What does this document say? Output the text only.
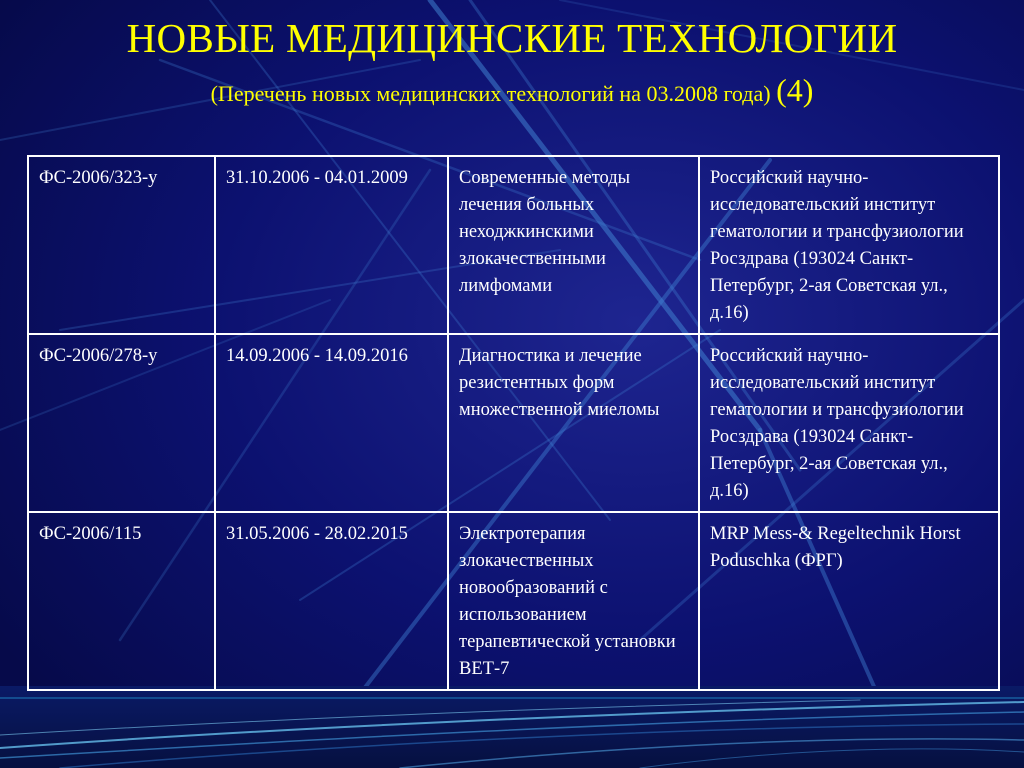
НОВЫЕ МЕДИЦИНСКИЕ ТЕХНОЛОГИИ
(Перечень новых медицинских технологий на 03.2008 года) (4)
ФС-2006/323-у	31.10.2006 - 04.01.2009	Современные методы лечения больных неходжкинскими злокачественными лимфомами	Российский научно-исследовательский институт гематологии и трансфузиологии Росздрава (193024 Санкт-Петербург, 2-ая Советская ул., д.16)
ФС-2006/278-у	14.09.2006 - 14.09.2016	Диагностика и лечение резистентных форм множественной миеломы	Российский научно-исследовательский институт гематологии и трансфузиологии Росздрава (193024 Санкт-Петербург, 2-ая Советская ул., д.16)
ФС-2006/115	31.05.2006 - 28.02.2015	Электротерапия злокачественных новообразований с использованием терапевтической установки ВЕТ-7	MRP Mess-& Regeltechnik Horst Poduschka (ФРГ)
